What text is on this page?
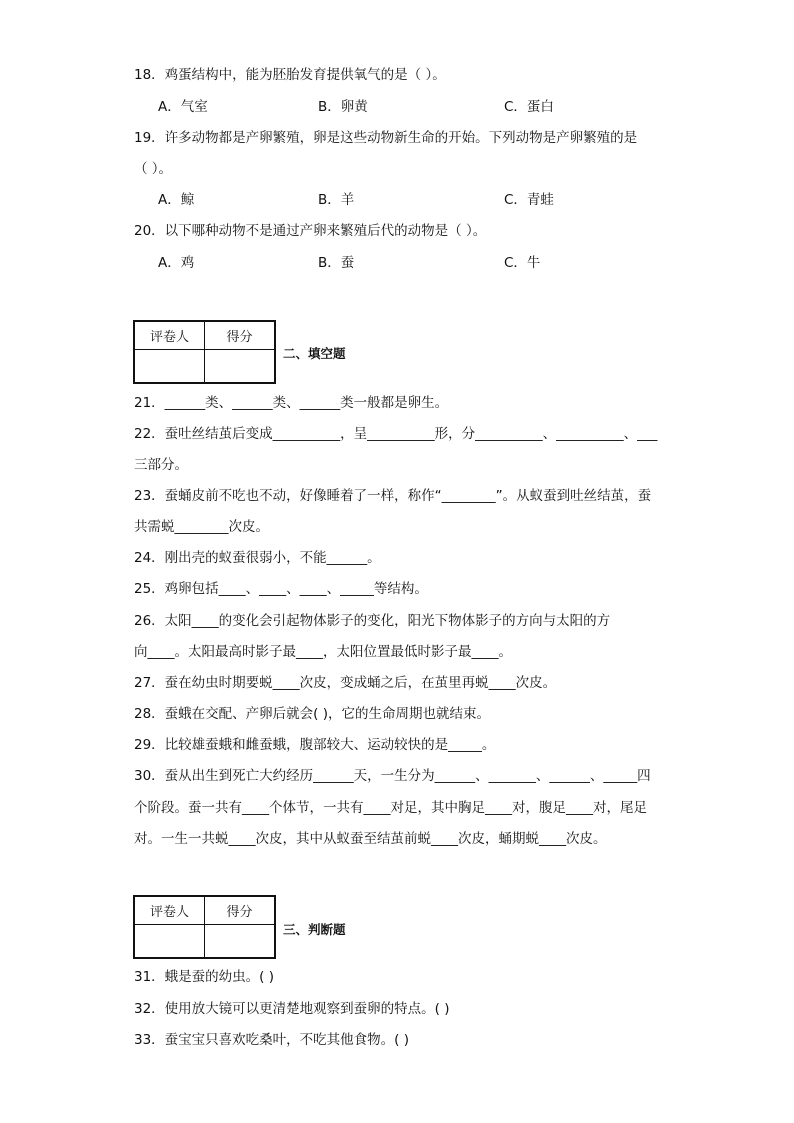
18．鸡蛋结构中，能为胚胎发育提供氧气的是（ ）。
A．气室	B．卵黄	C．蛋白
19．许多动物都是产卵繁殖，卵是这些动物新生命的开始。下列动物是产卵繁殖的是
（ ）。
A．鲸	B．羊	C．青蛙
20．以下哪种动物不是通过产卵来繁殖后代的动物是（ ）。
A．鸡	B．蚕	C．牛
评卷人	得分

二、填空题
21．______类、______类、______类一般都是卵生。
22．蚕吐丝结茧后变成__________，呈__________形，分__________、__________、___
三部分。
23．蚕蛹皮前不吃也不动，好像睡着了一样，称作“________”。从蚁蚕到吐丝结茧，蚕
共需蜕________次皮。
24．刚出壳的蚁蚕很弱小，不能______。
25．鸡卵包括____、____、____、_____等结构。
26．太阳____的变化会引起物体影子的变化，阳光下物体影子的方向与太阳的方
向____。太阳最高时影子最____，太阳位置最低时影子最____。
27．蚕在幼虫时期要蜕____次皮，变成蛹之后，在茧里再蜕____次皮。
28．蚕蛾在交配、产卵后就会( )，它的生命周期也就结束。
29．比较雄蚕蛾和雌蚕蛾，腹部较大、运动较快的是_____。
30．蚕从出生到死亡大约经历______天，一生分为______、_______、______、_____四
个阶段。蚕一共有____个体节，一共有____对足，其中胸足____对，腹足____对，尾足
对。一生一共蜕____次皮，其中从蚁蚕至结茧前蜕____次皮，蛹期蜕____次皮。
评卷人	得分

三、判断题
31．蛾是蚕的幼虫。( )
32．使用放大镜可以更清楚地观察到蚕卵的特点。( )
33．蚕宝宝只喜欢吃桑叶，不吃其他食物。( )
